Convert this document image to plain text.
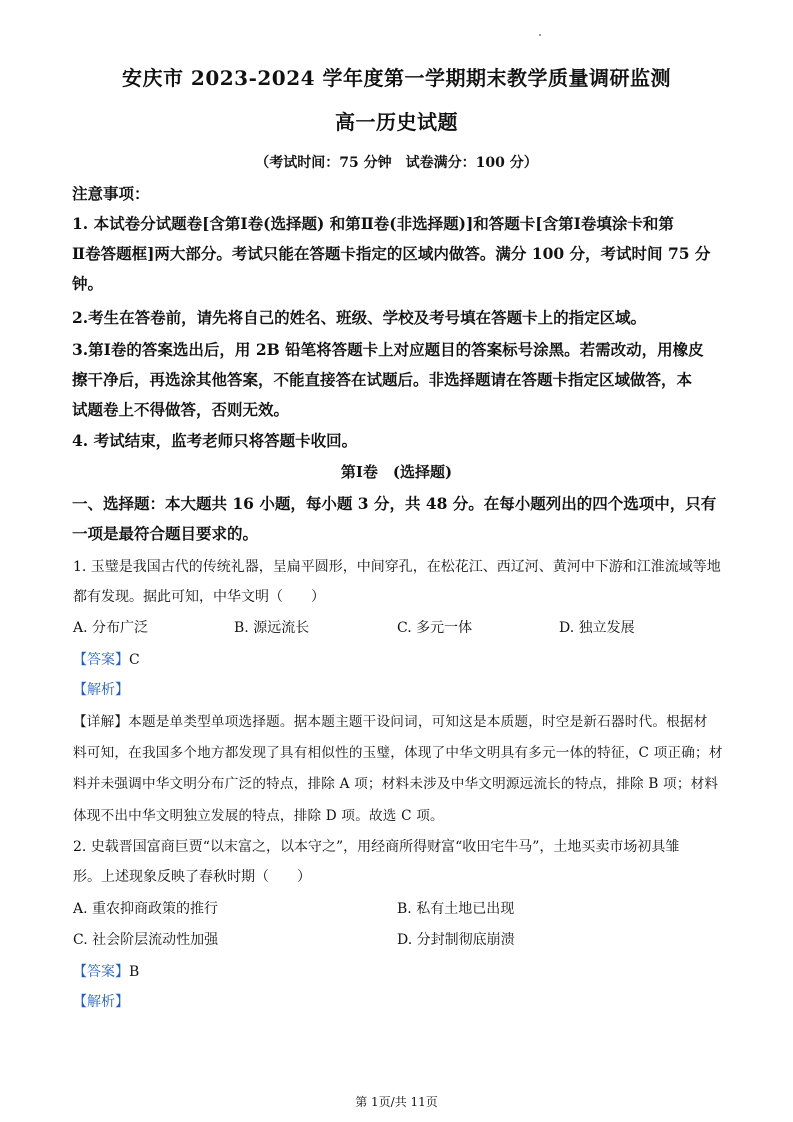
安庆市 2023-2024 学年度第一学期期末教学质量调研监测
高一历史试题
（考试时间：75 分钟　试卷满分：100 分）
注意事项：
1. 本试卷分试题卷[含第Ⅰ卷(选择题) 和第Ⅱ卷(非选择题)]和答题卡[含第Ⅰ卷填涂卡和第
Ⅱ卷答题框]两大部分。考试只能在答题卡指定的区域内做答。满分 100 分，考试时间 75 分
钟。
2.考生在答卷前，请先将自己的姓名、班级、学校及考号填在答题卡上的指定区域。
3.第Ⅰ卷的答案选出后，用 2B 铅笔将答题卡上对应题目的答案标号涂黑。若需改动，用橡皮
擦干净后，再选涂其他答案，不能直接答在试题后。非选择题请在答题卡指定区域做答，本
试题卷上不得做答，否则无效。
4. 考试结束，监考老师只将答题卡收回。
第Ⅰ卷　(选择题)
一、选择题：本大题共 16 小题，每小题 3 分，共 48 分。在每小题列出的四个选项中，只有
一项是最符合题目要求的。
1. 玉璧是我国古代的传统礼器，呈扁平圆形，中间穿孔，在松花江、西辽河、黄河中下游和江淮流域等地
都有发现。据此可知，中华文明（　　）
A. 分布广泛	B. 源远流长	C. 多元一体	D. 独立发展
【答案】C
【解析】
【详解】本题是单类型单项选择题。据本题主题干设问词，可知这是本质题，时空是新石器时代。根据材
料可知，在我国多个地方都发现了具有相似性的玉璧，体现了中华文明具有多元一体的特征，C 项正确；材
料并未强调中华文明分布广泛的特点，排除 A 项；材料未涉及中华文明源远流长的特点，排除 B 项；材料
体现不出中华文明独立发展的特点，排除 D 项。故选 C 项。
2. 史载晋国富商巨贾“以末富之，以本守之”，用经商所得财富“收田宅牛马”，土地买卖市场初具雏
形。上述现象反映了春秋时期（　　）
A. 重农抑商政策的推行	B. 私有土地已出现
C. 社会阶层流动性加强	D. 分封制彻底崩溃
【答案】B
【解析】
第 1页/共 11页
